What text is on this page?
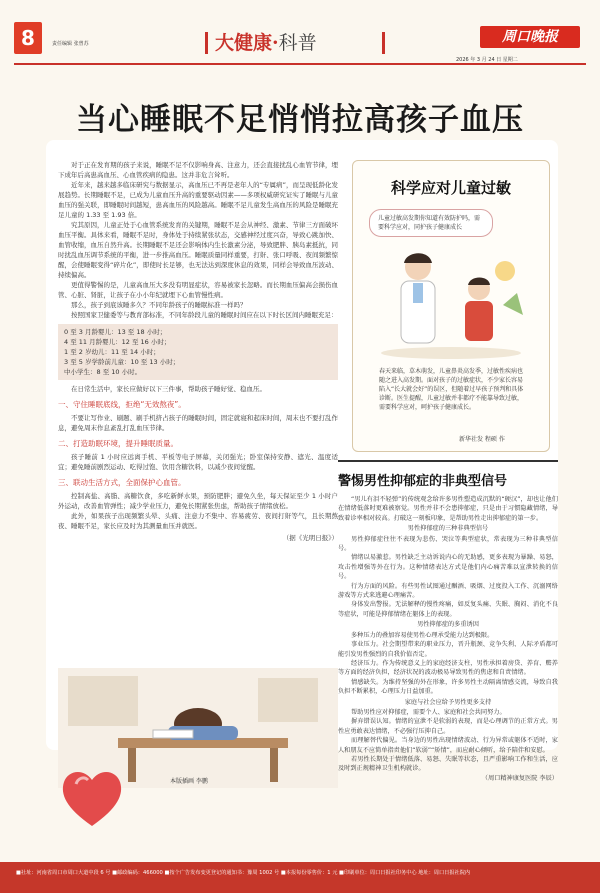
8	责任编辑 张曾苏	大健康·科普	周口晚报
2026 年 3 月 24 日 星期二
当心睡眠不足悄悄拉高孩子血压

对于正在发育期的孩子来说，睡眠不足不仅影响身高、注意力，还会直接扰乱心血管节律，埋下成年后高患高血压、心血管疾病的隐患。这并非危言耸听。

近年来，越来越多临床研究与数据显示，高血压已不再是老年人的“专属病”，而呈现低龄化发展趋势。长期睡眠不足，已成为儿童血压升高的重要驱动因素——多项权威研究证实了睡眠与儿童血压的强关联，即睡眠时间越短，患高血压的风险越高。睡眠不足儿童发生高血压的风险是睡眠充足儿童的 1.33 至 1.93 倍。

究其原因，儿童正处于心血管系统发育的关键期，睡眠不足会从神经、激素、节律三方面破坏血压平衡。具体来看，睡眠不足时，身体处于持续紧张状态，交感神经过度兴奋，导致心跳加快、血管收缩，血压自然升高。长期睡眠不足还会影响体内生长激素分泌，导致肥胖、胰岛素抵抗，同时扰乱血压调节系统的平衡，进一步推高血压。睡眠质量同样重要，打鼾、张口呼吸、夜间频繁惊醒，会使睡眠变得“碎片化”，即使时长足够，也无法达到深度休息的效果，同样会导致血压波动、持续偏高。

更值得警惕的是，儿童高血压大多没有明显症状，容易被家长忽略。而长期血压偏高会损伤血管、心脏、肾脏，让孩子在小小年纪就埋下心血管慢性病。

那么，孩子到底该睡多久？不同年龄孩子的睡眠标准一样吗？

按照国家卫健委等与教育部标准，不同年龄段儿童的睡眠时间应在以下时长区间内睡眠充足：

0 至 3 月龄婴儿：13 至 18 小时；
4 至 11 月龄婴儿：12 至 16 小时；
1 至 2 岁幼儿：11 至 14 小时；
3 至 5 岁学龄前儿童：10 至 13 小时；
中小学生：8 至 10 小时。

在日常生活中，家长应做好以下三件事，帮助孩子睡好觉、稳血压。

一、守住睡眠底线，拒绝“无效熬夜”。

不要让写作业、刷题、刷手机挤占孩子的睡眠时间，固定就寝和起床时间，周末也不要打乱作息，避免周末作息紊乱打乱血压节律。

二、打造助眠环境，提升睡眠质量。

孩子睡前 1 小时应远离手机、平板等电子屏幕，关闭强光；卧室保持安静、遮光、温度适宜；避免睡前剧烈运动、吃得过饱、饮用含糖饮料，以减少夜间觉醒。

三、联动生活方式，全面保护心血管。

控制高盐、高脂、高糖饮食，多吃新鲜水果，预防肥胖；避免久坐，每天保证至少 1 小时户外运动，改善血管弹性；减少学业压力，避免长期紧张焦虑，帮助孩子情绪放松。

此外，如果孩子出现频繁头晕、头痛、注意力不集中、容易疲劳、夜间打鼾等气，且长期熬夜、睡眠不足，家长应及时为其测量血压并就医。

（据《光明日报》）
本版插画 李鹏
科学应对儿童过敏
儿童过敏高发期你知道有效防护吗，需要科学应对，同护孩子健康成长
春天来临，草木萌发，儿童鼻炎高发季，过敏性疾病也随之进入高发期。面对孩子的过敏症状，不少家长容易陷入“长大就会好”的误区，但随着过早孩子预判和具体诊断。医生提醒，儿童过敏并非都疗不能靠导致过敏，需要科学应对，呵护孩子健康成长。
新华社发 程硕 作
警惕男性抑郁症的非典型信号

“男儿有泪不轻弹”的传统观念给许多男性塑造成沉默的“硬汉”，却也让他们在情绪低落时更难被察觉。男性并非不会患抑郁症，只是由于习惯隐藏情绪，导致着诊率相对较高。打破这一刻板印象，是帮助男性走出抑郁症的第一步。

男性抑郁症的三种非典型信号

男性抑郁症往往不表现为悲伤、哭泣等典型症状，常表现为三种非典型信号。

情绪以易激惹。男性缺乏主动诉说内心的无助感，更多表现为暴躁、易怒，攻击性增强等外在行为。这种情绪表达方式是他们内心痛苦难以宣泄转换的信号。

行为方面的风险。有些男性试图通过酗酒、吸烟、过度投入工作、沉溺网络游戏等方式来逃避心理痛苦。

身体发出警报。无法解释的慢性疼痛，如反复头痛、失眠、胸闷、消化不良等症状，可能是抑郁情绪在躯体上的表现。

男性抑郁症的多重诱因

多种压力的叠加容易使男性心理承受能力达到极限。

事业压力。社会期望带来的职业压力，晋升瓶颈、竞争失利、人际矛盾都可能引发男性强烈的自我价值否定。

经济压力。作为传统意义上的家庭经济支柱，男性承担着房贷、养育、赡养等方面的经济负担，经济状况的波动极易导致男性的焦虑和自责情绪。

情感缺失。为维持坚强的外在形象，许多男性主动隔离情感交流，导致自我负担不断累积，心理压力日益加重。

家庭与社会应给予男性更多支持

帮助男性应对抑郁症，需要个人、家庭和社会共同努力。

摒弃错误认知。情绪的宣泄不是软弱的表现，而是心理调节的正常方式。男性应勇敢表达情绪，不必强行压抑自己。

而理解替代偏见。当身边的男性出现情绪波动、行为异常或躯体不适时，家人和朋友不应简单指责他们“软弱”“矫情”，而应耐心倾听，给予陪伴和安慰。

若男性长期处于情绪低落、易怒、失眠等状态，且严重影响工作和生活，应及时到正规精神卫生机构就诊。

（周口精神康复医院 李辰）
■社址：河南省周口市周口大道中段 6 号 ■邮政编码：466000 ■按个广告发布变更登记的通知书：豫周 1002 号 ■本报每份零售价：1 元 ■印刷单位：周口日报社印务中心 地址：周口日报社院内
